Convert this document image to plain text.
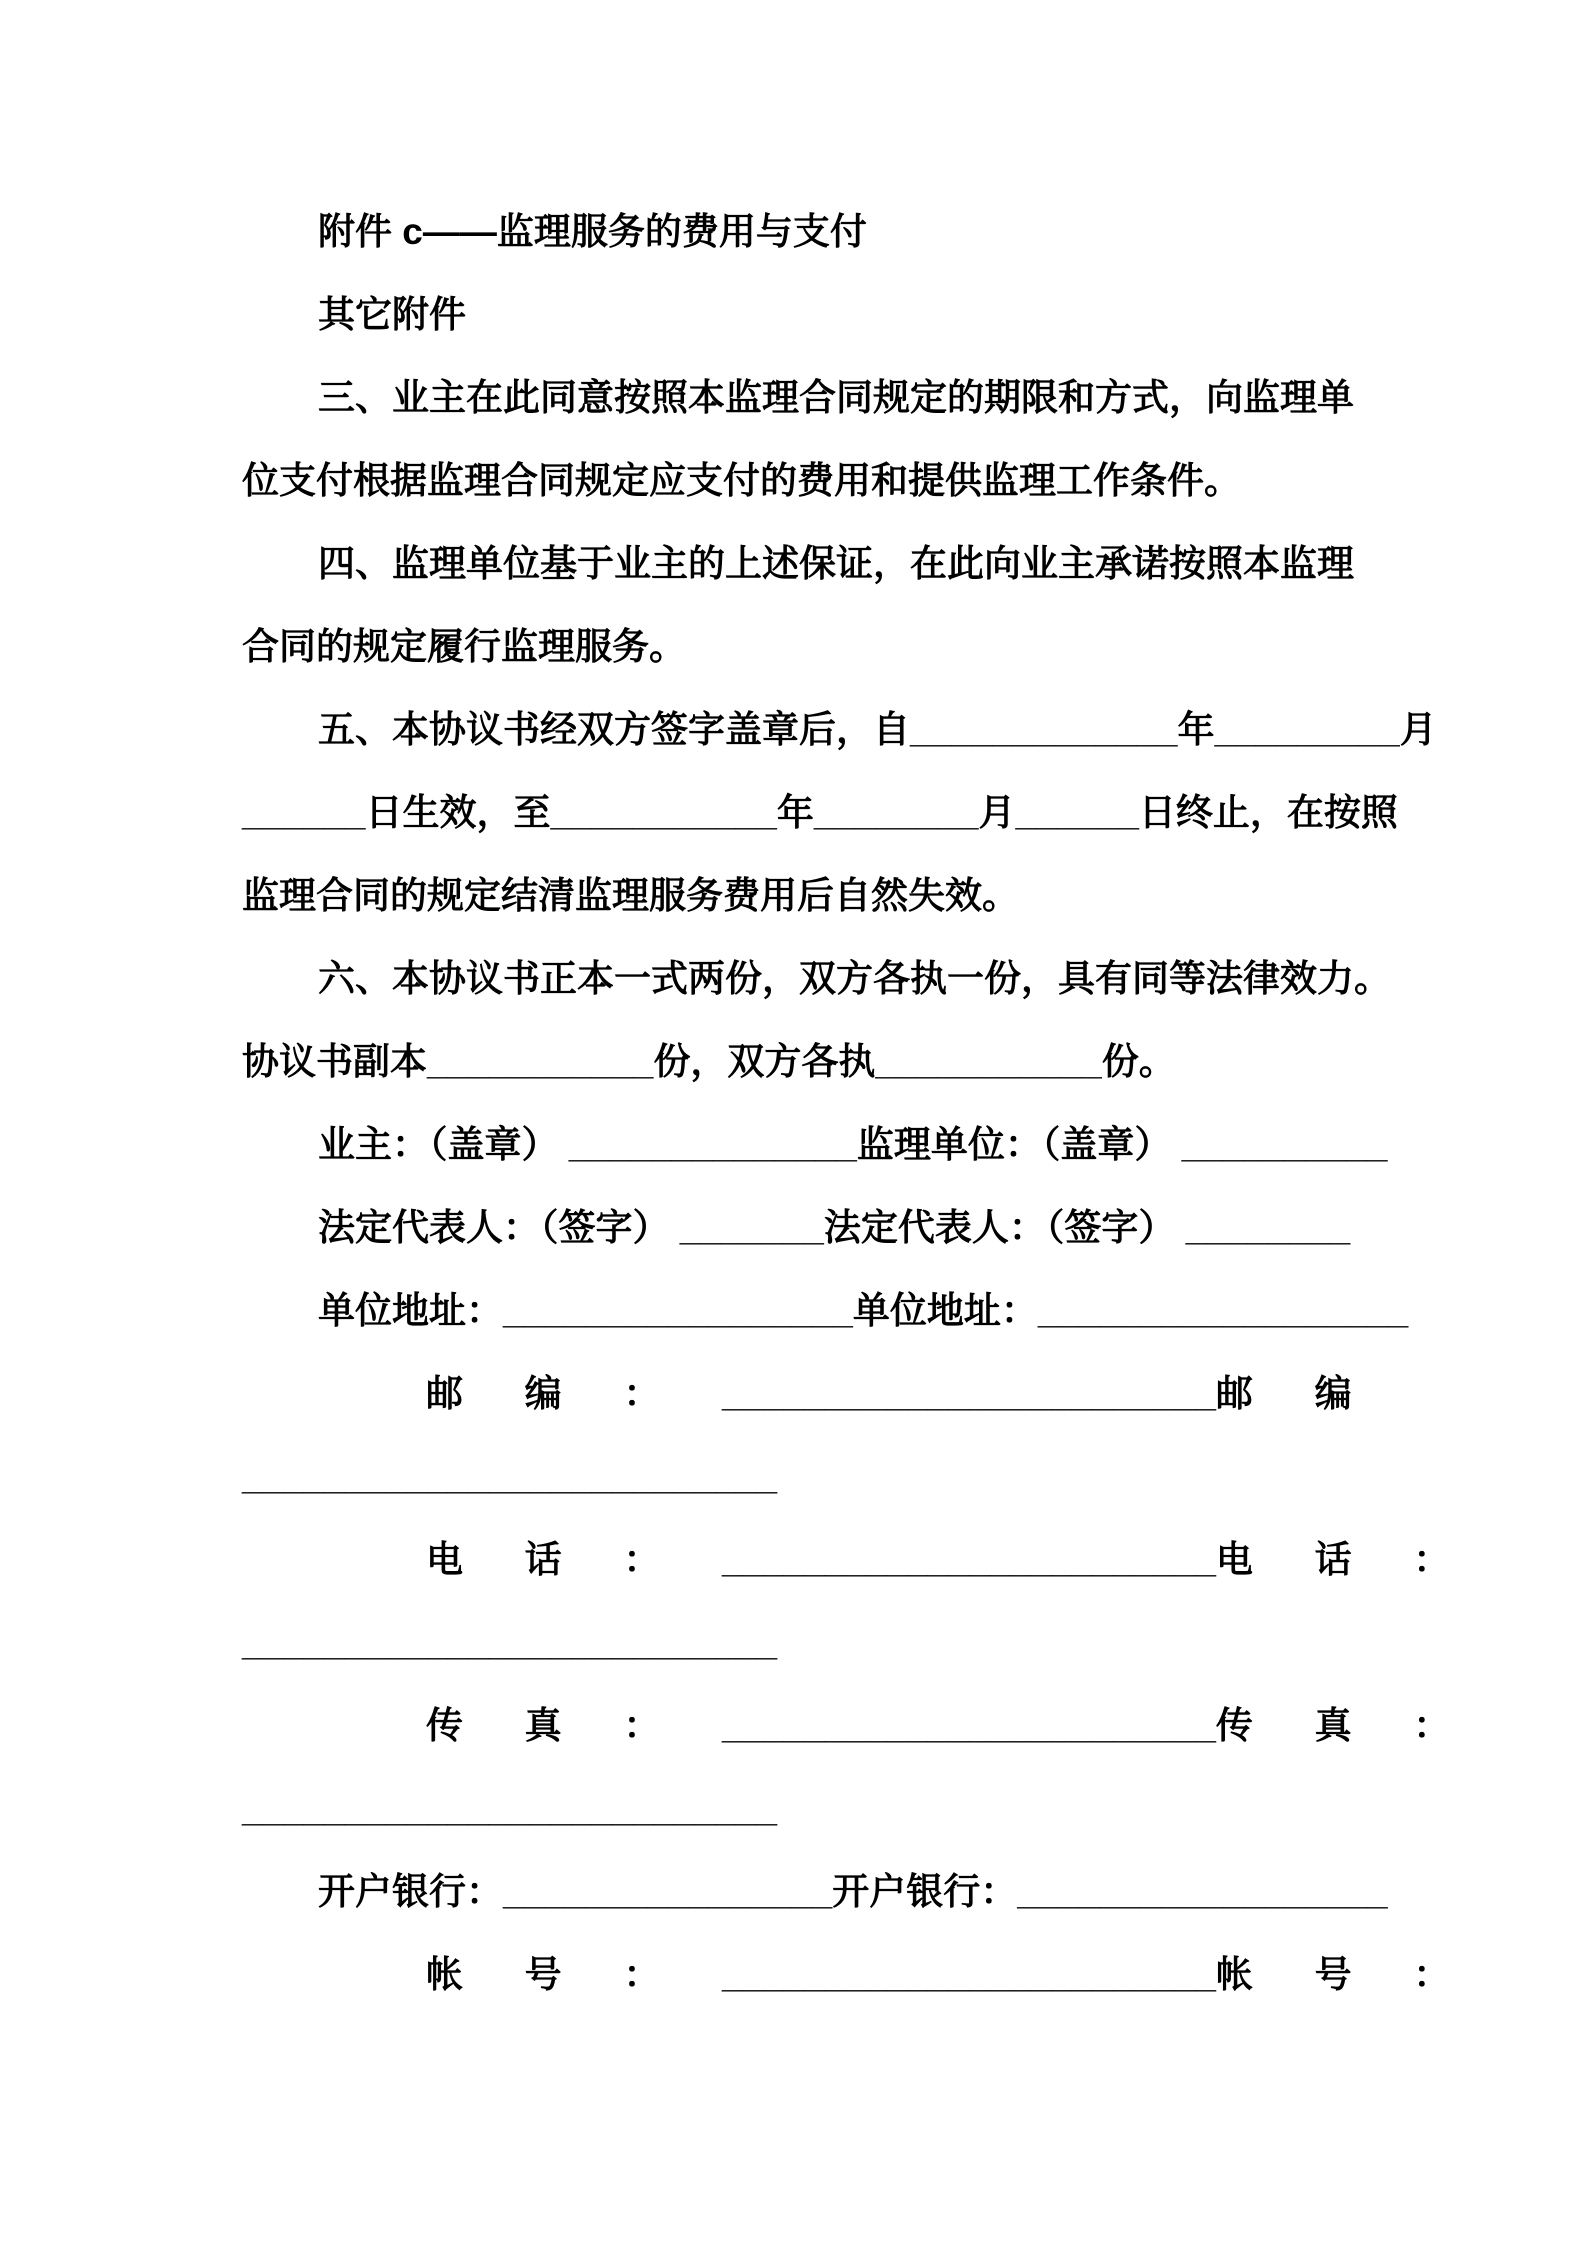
附件 c——监理服务的费用与支付
其它附件
三、业主在此同意按照本监理合同规定的期限和方式，向监理单
位支付根据监理合同规定应支付的费用和提供监理工作条件。
四、监理单位基于业主的上述保证，在此向业主承诺按照本监理
合同的规定履行监理服务。
五、本协议书经双方签字盖章后，自_____________年_________月
______日生效，至___________年________月______日终止，在按照
监理合同的规定结清监理服务费用后自然失效。
六、本协议书正本一式两份，双方各执一份，具有同等法律效力。
协议书副本___________份，双方各执___________份。
业主：（盖章） ______________监理单位：（盖章） __________
法定代表人：（签字） _______法定代表人：（签字） ________
单位地址：_________________单位地址：__________________
邮      编      ：      ________________________邮      编
__________________________
电      话      ：      ________________________电      话      ：
__________________________
传      真      ：      ________________________传      真      ：
__________________________
开户银行：________________开户银行：__________________
帐      号      ：      ________________________帐      号      ：
